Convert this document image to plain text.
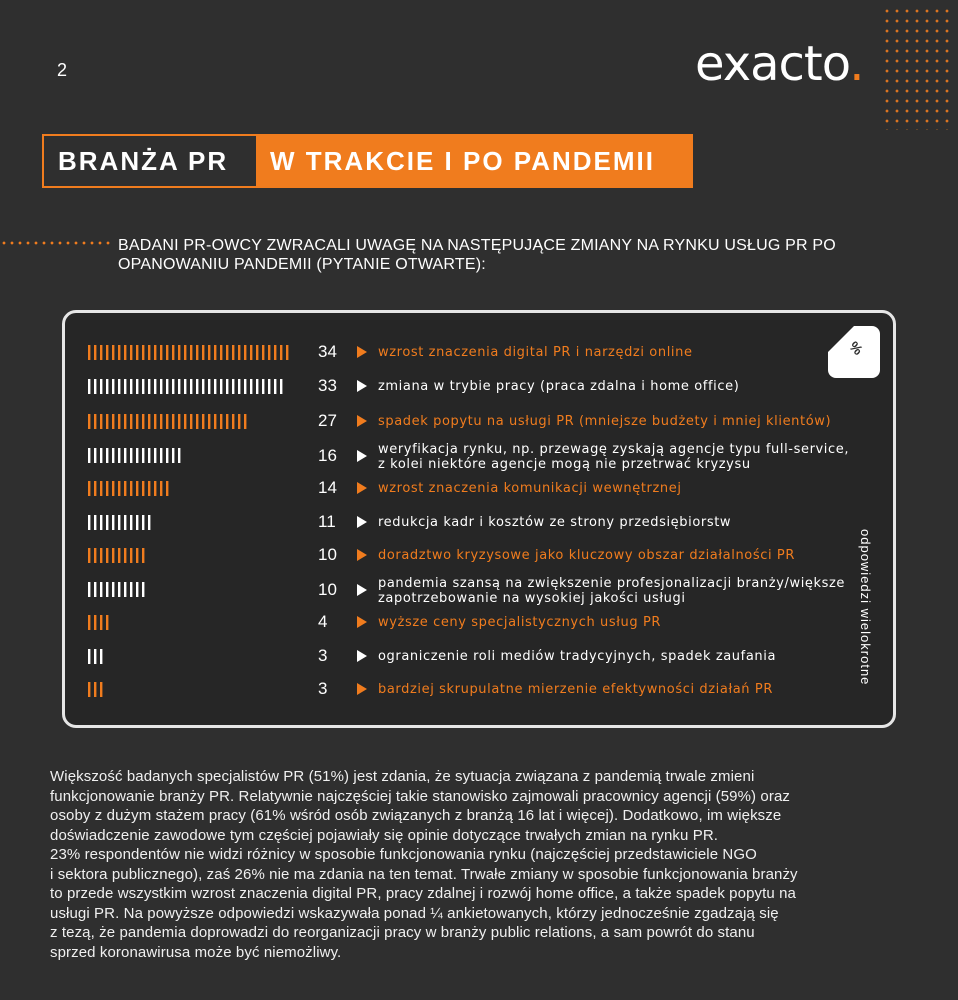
2	exacto.
BRANŻA PR	W TRAKCIE I PO PANDEMII
BADANI PR-OWCY ZWRACALI UWAGĘ NA NASTĘPUJĄCE ZMIANY NA RYNKU USŁUG PR PO OPANOWANIU PANDEMII (PYTANIE OTWARTE):
%
odpowiedzi wielokrotne
34	wzrost znaczenia digital PR i narzędzi online
33	zmiana w trybie pracy (praca zdalna i home office)
27	spadek popytu na usługi PR (mniejsze budżety i mniej klientów)
16	weryfikacja rynku, np. przewagę zyskają agencje typu full-service,
z kolei niektóre agencje mogą nie przetrwać kryzysu
14	wzrost znaczenia komunikacji wewnętrznej
11	redukcja kadr i kosztów ze strony przedsiębiorstw
10	doradztwo kryzysowe jako kluczowy obszar działalności PR
10	pandemia szansą na zwiększenie profesjonalizacji branży/większe
zapotrzebowanie na wysokiej jakości usługi
4	wyższe ceny specjalistycznych usług PR
3	ograniczenie roli mediów tradycyjnych, spadek zaufania
3	bardziej skrupulatne mierzenie efektywności działań PR
Większość badanych specjalistów PR (51%) jest zdania, że sytuacja związana z pandemią trwale zmieni
funkcjonowanie branży PR. Relatywnie najczęściej takie stanowisko zajmowali pracownicy agencji (59%) oraz
osoby z dużym stażem pracy (61% wśród osób związanych z branżą 16 lat i więcej). Dodatkowo, im większe
doświadczenie zawodowe tym częściej pojawiały się opinie dotyczące trwałych zmian na rynku PR.
23% respondentów nie widzi różnicy w sposobie funkcjonowania rynku (najczęściej przedstawiciele NGO
i sektora publicznego), zaś 26% nie ma zdania na ten temat. Trwałe zmiany w sposobie funkcjonowania branży
to przede wszystkim wzrost znaczenia digital PR, pracy zdalnej i rozwój home office, a także spadek popytu na
usługi PR. Na powyższe odpowiedzi wskazywała ponad ¼ ankietowanych, którzy jednocześnie zgadzają się
z tezą, że pandemia doprowadzi do reorganizacji pracy w branży public relations, a sam powrót do stanu
sprzed koronawirusa może być niemożliwy.
